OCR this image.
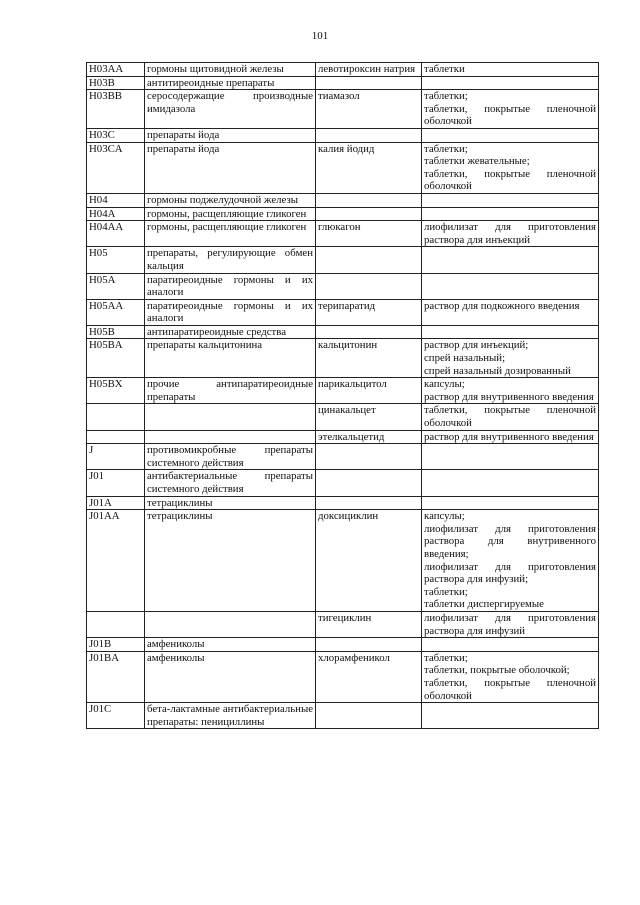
101
H03AA	гормоны щитовидной железы	левотироксин натрия	таблетки

H03B	антитиреоидные препараты		
H03BB	серосодержащие производные имидазола	тиамазол	таблетки;
таблетки, покрытые пленочной оболочкой

H03C	препараты йода		
H03CA	препараты йода	калия йодид	таблетки;
таблетки жевательные;
таблетки, покрытые пленочной оболочкой

H04	гормоны поджелудочной железы		
H04A	гормоны, расщепляющие гликоген		
H04AA	гормоны, расщепляющие гликоген	глюкагон	лиофилизат для приготовления раствора для инъекций

H05	препараты, регулирующие обмен кальция		
H05A	паратиреоидные гормоны и их аналоги		
H05AA	паратиреоидные гормоны и их аналоги	терипаратид	раствор для подкожного введения

H05B	антипаратиреоидные средства		
H05BA	препараты кальцитонина	кальцитонин	раствор для инъекций;
спрей назальный;
спрей назальный дозированный

H05BX	прочие антипаратиреоидные препараты	парикальцитол	капсулы;
раствор для внутривенного введения

		цинакальцет	таблетки, покрытые пленочной оболочкой

		этелкальцетид	раствор для внутривенного введения

J	противомикробные препараты системного действия		
J01	антибактериальные препараты системного действия		
J01A	тетрациклины		
J01AA	тетрациклины	доксициклин	капсулы;
лиофилизат для приготовления раствора для внутривенного введения;
лиофилизат для приготовления раствора для инфузий;
таблетки;
таблетки диспергируемые

		тигециклин	лиофилизат для приготовления раствора для инфузий

J01B	амфениколы		
J01BA	амфениколы	хлорамфеникол	таблетки;
таблетки, покрытые оболочкой;
таблетки, покрытые пленочной оболочкой

J01C	бета-лактамные антибактериальные препараты: пенициллины		
